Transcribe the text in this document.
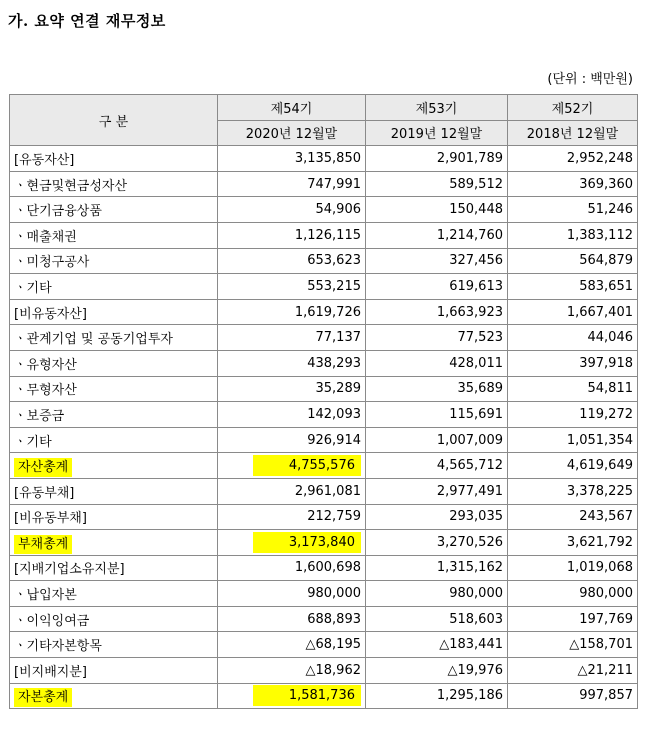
가. 요약 연결 재무정보
(단위 : 백만원)
구 분	제54기	제53기	제52기
	2020년 12월말	2019년 12월말	2018년 12월말
[유동자산]	3,135,850	2,901,789	2,952,248
ㆍ현금및현금성자산	747,991	589,512	369,360
ㆍ단기금융상품	54,906	150,448	51,246
ㆍ매출채권	1,126,115	1,214,760	1,383,112
ㆍ미청구공사	653,623	327,456	564,879
ㆍ기타	553,215	619,613	583,651
[비유동자산]	1,619,726	1,663,923	1,667,401
ㆍ관계기업 및 공동기업투자	77,137	77,523	44,046
ㆍ유형자산	438,293	428,011	397,918
ㆍ무형자산	35,289	35,689	54,811
ㆍ보증금	142,093	115,691	119,272
ㆍ기타	926,914	1,007,009	1,051,354
자산총계	4,755,576	4,565,712	4,619,649
[유동부채]	2,961,081	2,977,491	3,378,225
[비유동부채]	212,759	293,035	243,567
부채총계	3,173,840	3,270,526	3,621,792
[지배기업소유지분]	1,600,698	1,315,162	1,019,068
ㆍ납입자본	980,000	980,000	980,000
ㆍ이익잉여금	688,893	518,603	197,769
ㆍ기타자본항목	△68,195	△183,441	△158,701
[비지배지분]	△18,962	△19,976	△21,211
자본총계	1,581,736	1,295,186	997,857
